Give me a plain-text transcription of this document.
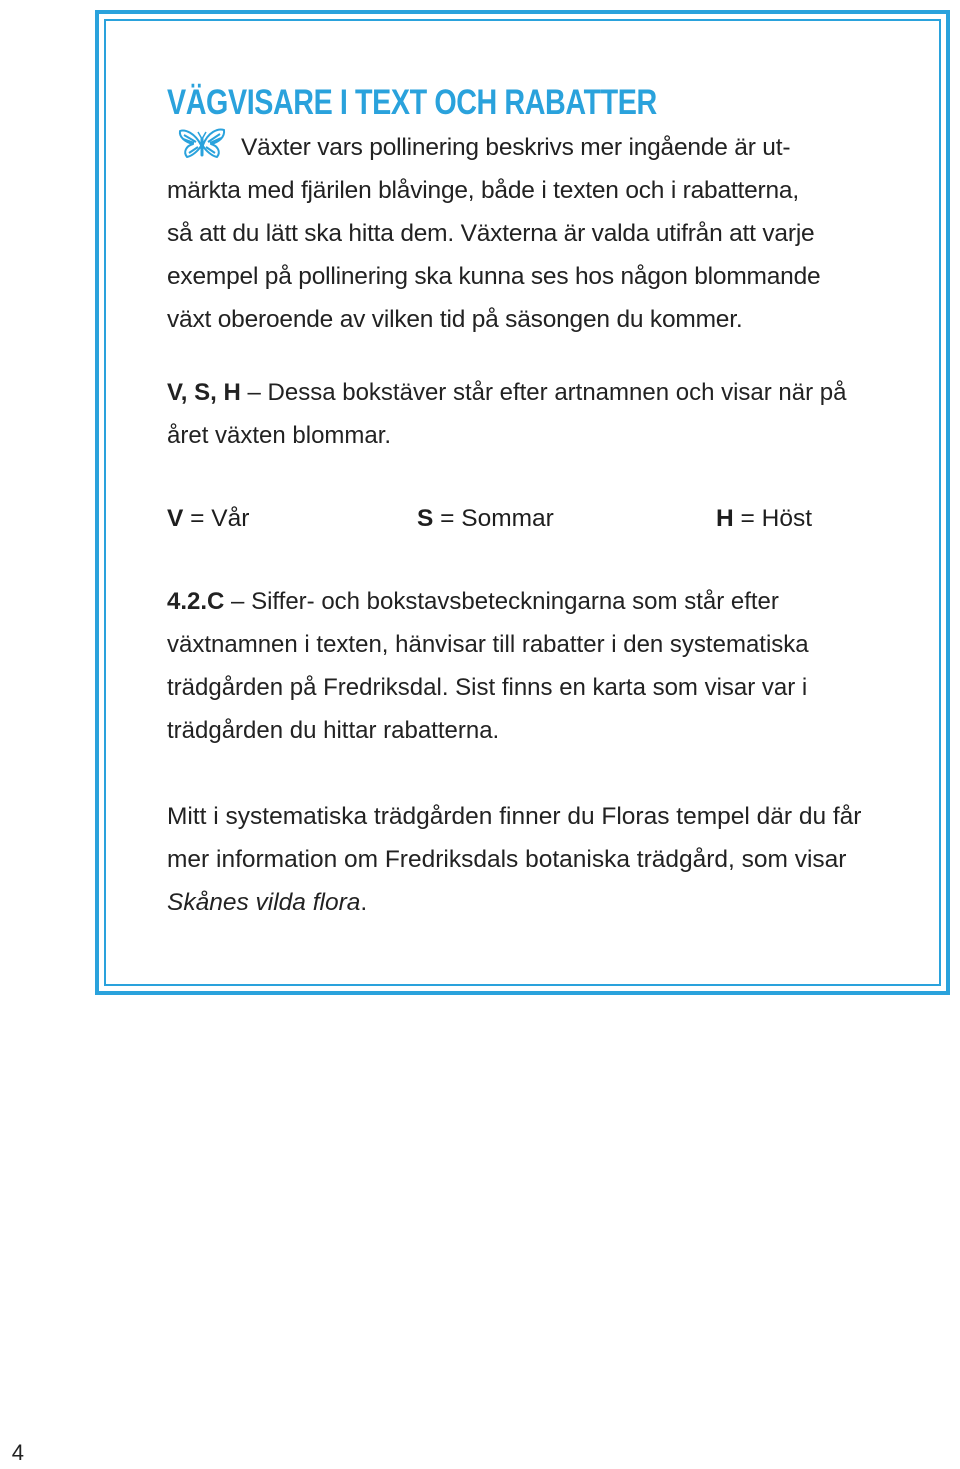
VÄGVISARE I TEXT OCH RABATTER

Växter vars pollinering beskrivs mer ingående är ut-
märkta med fjärilen blåvinge, både i texten och i rabatterna,
så att du lätt ska hitta dem. Växterna är valda utifrån att varje
exempel på pollinering ska kunna ses hos någon blommande
växt oberoende av vilken tid på säsongen du kommer.

V, S, H – Dessa bokstäver står efter artnamnen och visar när på året växten blommar.

V = Vår	S = Sommar	H = Höst

4.2.C – Siffer- och bokstavsbeteckningarna som står efter växtnamnen i texten, hänvisar till rabatter i den systematiska trädgården på Fredriksdal. Sist finns en karta som visar var i trädgården du hittar rabatterna.

Mitt i systematiska trädgården finner du Floras tempel där du får mer information om Fredriksdals botaniska trädgård, som visar Skånes vilda flora.

4
